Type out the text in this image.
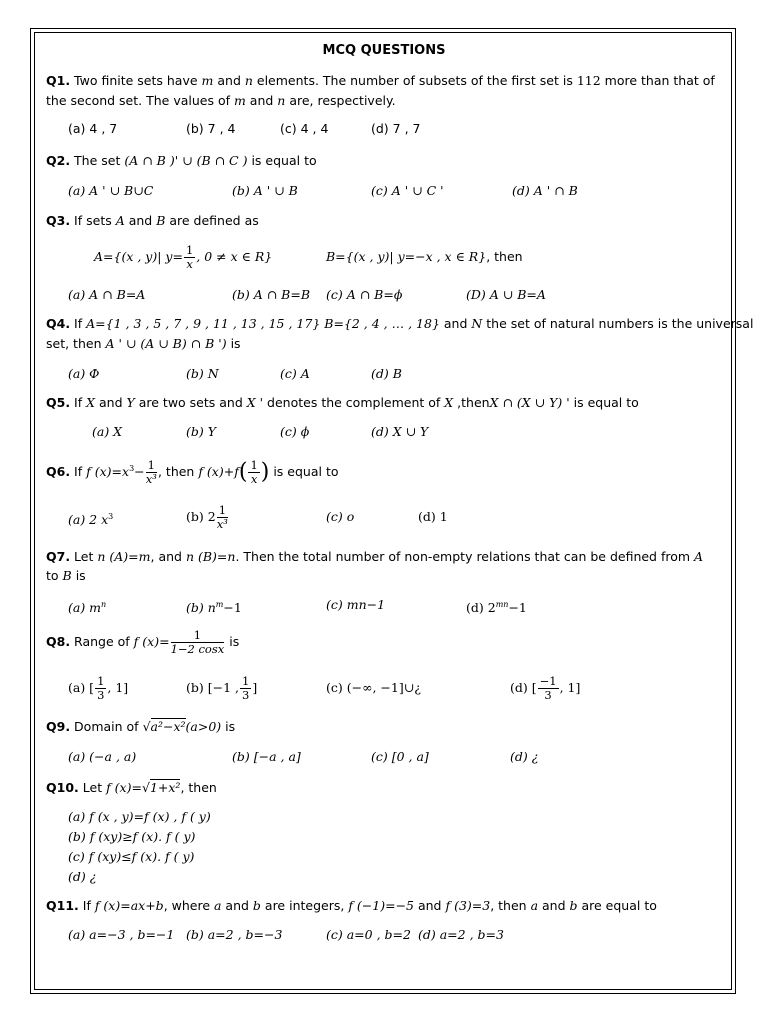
MCQ QUESTIONS
Q1. Two finite sets have m and n elements. The number of subsets of the first set is 112 more than that of
the second set. The values of m and n are, respectively.
(a) 4 , 7	(b) 7 , 4	(c) 4 , 4	(d) 7 , 7
Q2. The set (A ∩ B )' ∪ (B ∩ C ) is equal to
(a) A ' ∪ B∪C	(b) A ' ∪ B	(c) A ' ∪ C '	(d) A ' ∩ B
Q3. If sets A and B are defined as
A={(x , y)| $y= \frac{1}{x}$ , 0 ≠ x ∈ R}	B={(x , y)| y=−x , x ∈ R}, then
(a) A ∩ B=A	(b) A ∩ B=B (c) A ∩ B=ϕ	(D) A ∪ B=A
Q4. If A={1 , 3 , 5 , 7 , 9 , 11 , 13 , 15 , 17} B={2 , 4 , … , 18} and N the set of natural numbers is the universal
set, then A ' ∪ (A ∪ B) ∩ B ') is
(a) Φ	(b) N	(c) A	(d) B
Q5. If X and Y are two sets and X ' denotes the complement of X ,thenX ∩ (X ∪ Y) ' is equal to
(a) X	(b) Y	(c) ϕ	(d) X ∪ Y
Q6. If f $(x)=x^3- \frac{1}{\text{x³}}$ , then f $(x)+f( \frac{1}{x}$ ) is equal to
(a) 2 $x^3$	(b) $2 \frac{1}{\text{x³}}$	(c) o	(d) 1
Q7. Let n (A)=m, and n (B)=n. Then the total number of non-empty relations that can be defined from A
to B is
(a) $m^n$	(b) $n^m-1$	(c) mn−1	(d) $2^{mn}-1$
Q8. Range of f $(x)= \frac{1}{1-2 \cos x}$ is
(a) [ $\frac{1}{3}$ , 1]	(b) [−1 , $\frac{1}{3}$ ]	(c) (−∞, −1]∪¿	(d) [ $\frac{-1}{3}$ , 1]
Q9. Domain of √a²−x²(a>0) is
(a) (−a , a)	(b) [−a , a]	(c) [0 , a]	(d) ¿
Q10. Let f (x)=√1+x², then
(a) f (x , y)=f (x) , f ( y)
(b) f (xy)≥f (x). f ( y)
(c) f (xy)≤f (x). f ( y)
(d) ¿
Q11. If f (x)=ax+b, where a and b are integers, f (−1)=−5 and f (3)=3, then a and b are equal to
(a) a=−3 , b=−1 (b) a=2 , b=−3	(c) a=0 , b=2 (d) a=2 , b=3
